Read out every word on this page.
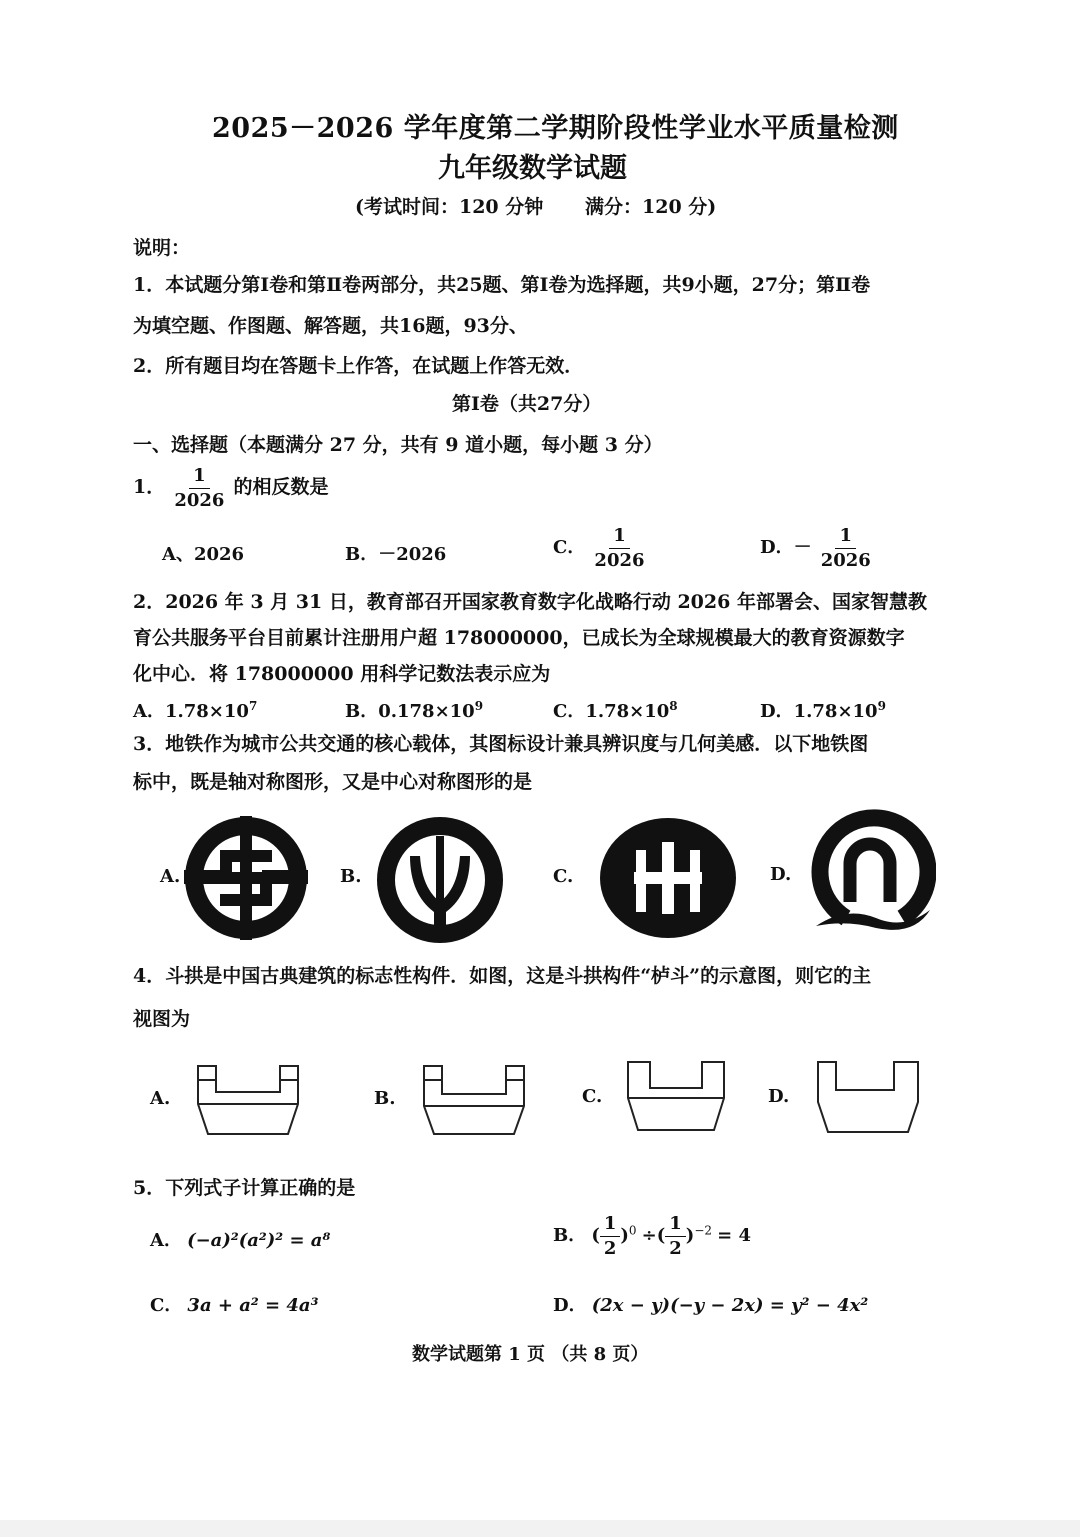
2025－2026 学年度第二学期阶段性学业水平质量检测
九年级数学试题
(考试时间：120 分钟 满分：120 分)
说明：
1．本试题分第Ⅰ卷和第Ⅱ卷两部分，共25题、第Ⅰ卷为选择题，共9小题，27分；第Ⅱ卷
为填空题、作图题、解答题，共16题，93分、
2．所有题目均在答题卡上作答，在试题上作答无效．
第Ⅰ卷（共27分）
一、选择题（本题满分 27 分，共有 9 道小题，每小题 3 分）
1． $\frac{1}{2026}$ 的相反数是
A、2026	B．－2026	C． $\frac{1}{2026}$	D．－ $\frac{1}{2026}$
2．2026 年 3 月 31 日，教育部召开国家教育数字化战略行动 2026 年部署会、国家智慧教
育公共服务平台目前累计注册用户超 178000000，已成长为全球规模最大的教育资源数字
化中心．将 178000000 用科学记数法表示应为
A．$1.78\times 10^7$	B．$0.178\times 10^9$	C．$1.78\times 10^8$	D．$1.78\times 10^9$
3．地铁作为城市公共交通的核心载体，其图标设计兼具辨识度与几何美感．以下地铁图
标中，既是轴对称图形，又是中心对称图形的是
A.	B.	C.	D.
4．斗拱是中国古典建筑的标志性构件．如图，这是斗拱构件“栌斗”的示意图，则它的主
视图为
A.	B.	C.	D.
5．下列式子计算正确的是
A． (−a)²(a²)² = a⁸	B． ( $\frac{1}{2} )^0$ ÷( $\frac{1}{2} )^{-2} = 4$
C． 3a + a² = 4a³	D． (2x − y)(−y − 2x) = y² − 4x²
数学试题第 1 页 （共 8 页）
